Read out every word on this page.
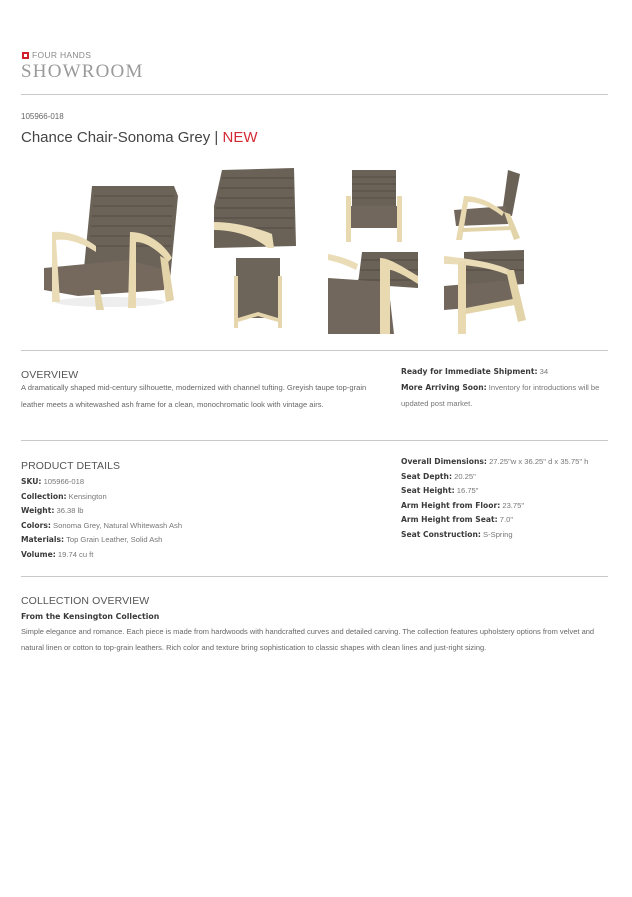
FOUR HANDS
SHOWROOM
105966-018
Chance Chair-Sonoma Grey | NEW
OVERVIEW
A dramatically shaped mid-century silhouette, modernized with channel tufting. Greyish taupe top-grain leather meets a whitewashed ash frame for a clean, monochromatic look with vintage airs.
Ready for Immediate Shipment: 34
More Arriving Soon: Inventory for introductions will be updated post market.
PRODUCT DETAILS
SKU: 105966-018
Collection: Kensington
Weight: 36.38 lb
Colors: Sonoma Grey, Natural Whitewash Ash
Materials: Top Grain Leather, Solid Ash
Volume: 19.74 cu ft
Overall Dimensions: 27.25"w x 36.25" d x 35.75" h
Seat Depth: 20.25"
Seat Height: 16.75"
Arm Height from Floor: 23.75"
Arm Height from Seat: 7.0"
Seat Construction: S-Spring
COLLECTION OVERVIEW
From the Kensington Collection
Simple elegance and romance. Each piece is made from hardwoods with handcrafted curves and detailed carving. The collection features upholstery options from velvet and natural linen or cotton to top-grain leathers. Rich color and texture bring sophistication to classic shapes with clean lines and just-right sizing.
